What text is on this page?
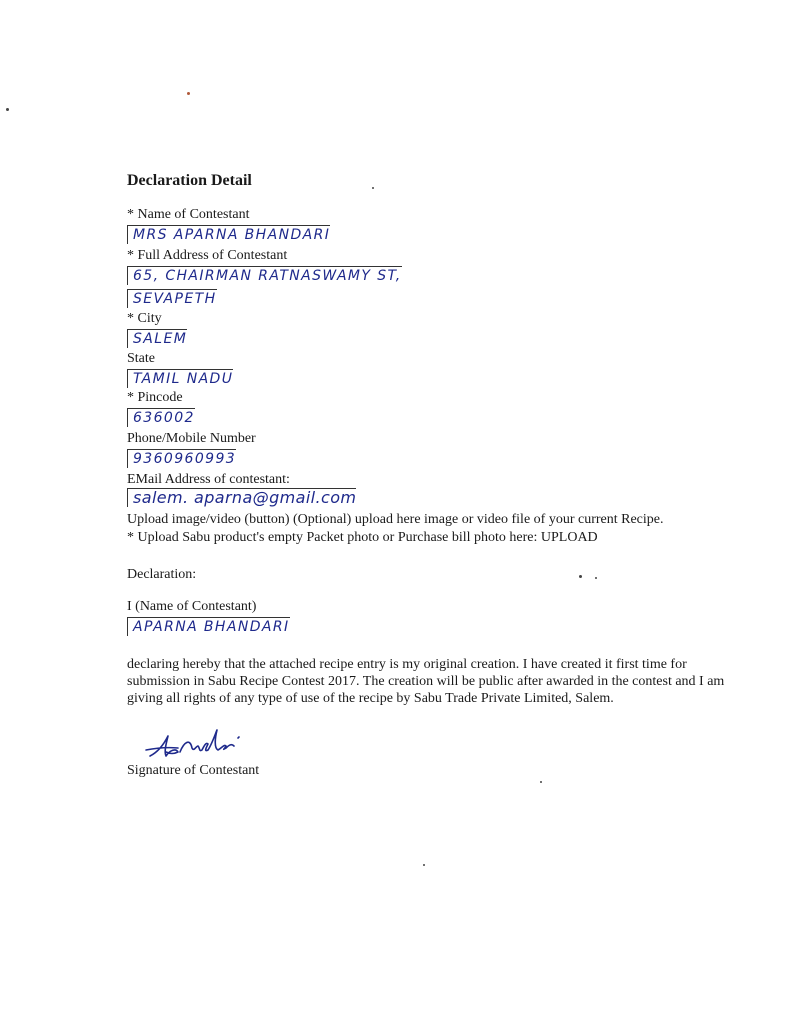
Declaration Detail
* Name of Contestant
MRS APARNA BHANDARI
* Full Address of Contestant
65, CHAIRMAN RATNASWAMY ST,
SEVAPETH
* City
SALEM
State
TAMIL NADU
* Pincode
636002
Phone/Mobile Number
9360960993
EMail Address of contestant:
salem. aparna@gmail.com
Upload image/video (button) (Optional) upload here image or video file of your current Recipe.
* Upload Sabu product's empty Packet photo or Purchase bill photo here: UPLOAD
Declaration:
I (Name of Contestant)
APARNA BHANDARI
declaring hereby that the attached recipe entry is my original creation. I have created it first time for submission in Sabu Recipe Contest 2017. The creation will be public after awarded in the contest and I am giving all rights of any type of use of the recipe by Sabu Trade Private Limited, Salem.
Signature of Contestant
